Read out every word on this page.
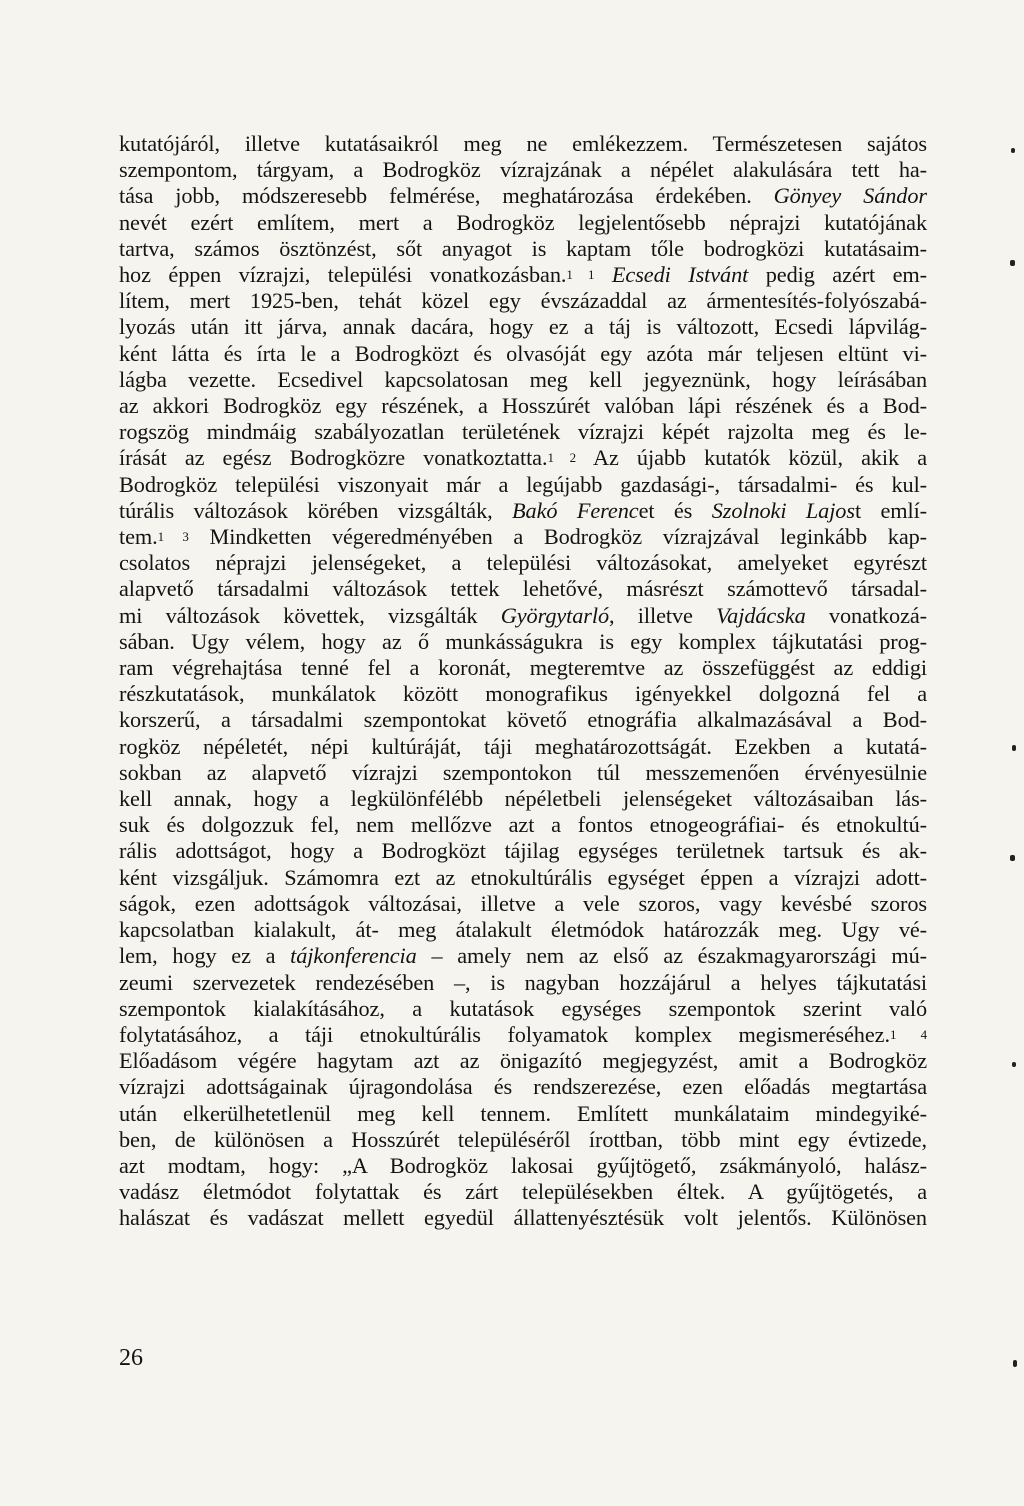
kutatójáról, illetve kutatásaikról meg ne emlékezzem. Természetesen sajátos
szempontom, tárgyam, a Bodrogköz vízrajzának a népélet alakulására tett ha-
tása jobb, módszeresebb felmérése, meghatározása érdekében. Gönyey Sándor
nevét ezért említem, mert a Bodrogköz legjelentősebb néprajzi kutatójának
tartva, számos ösztönzést, sőt anyagot is kaptam tőle bodrogközi kutatásaim-
hoz éppen vízrajzi, települési vonatkozásban.$^{1 1}$ Ecsedi Istvánt pedig azért em-
lítem, mert 1925-ben, tehát közel egy évszázaddal az ármentesítés-folyószabá-
lyozás után itt járva, annak dacára, hogy ez a táj is változott, Ecsedi lápvilág-
ként látta és írta le a Bodrogközt és olvasóját egy azóta már teljesen eltünt vi-
lágba vezette. Ecsedivel kapcsolatosan meg kell jegyeznünk, hogy leírásában
az akkori Bodrogköz egy részének, a Hosszúrét valóban lápi részének és a Bod-
rogszög mindmáig szabályozatlan területének vízrajzi képét rajzolta meg és le-
írását az egész Bodrogközre vonatkoztatta.$^{1 2}$ Az újabb kutatók közül, akik a
Bodrogköz települési viszonyait már a legújabb gazdasági-, társadalmi- és kul-
túrális változások körében vizsgálták, Bakó Ferencet és Szolnoki Lajost emlí-
tem.$^{1 3}$ Mindketten végeredményében a Bodrogköz vízrajzával leginkább kap-
csolatos néprajzi jelenségeket, a települési változásokat, amelyeket egyrészt
alapvető társadalmi változások tettek lehetővé, másrészt számottevő társadal-
mi változások követtek, vizsgálták Györgytarló, illetve Vajdácska vonatkozá-
sában. Ugy vélem, hogy az ő munkásságukra is egy komplex tájkutatási prog-
ram végrehajtása tenné fel a koronát, megteremtve az összefüggést az eddigi
részkutatások, munkálatok között monografikus igényekkel dolgozná fel a
korszerű, a társadalmi szempontokat követő etnográfia alkalmazásával a Bod-
rogköz népéletét, népi kultúráját, táji meghatározottságát. Ezekben a kutatá-
sokban az alapvető vízrajzi szempontokon túl messzemenően érvényesülnie
kell annak, hogy a legkülönfélébb népéletbeli jelenségeket változásaiban lás-
suk és dolgozzuk fel, nem mellőzve azt a fontos etnogeográfiai- és etnokultú-
rális adottságot, hogy a Bodrogközt tájilag egységes területnek tartsuk és ak-
ként vizsgáljuk. Számomra ezt az etnokultúrális egységet éppen a vízrajzi adott-
ságok, ezen adottságok változásai, illetve a vele szoros, vagy kevésbé szoros
kapcsolatban kialakult, át- meg átalakult életmódok határozzák meg. Ugy vé-
lem, hogy ez a tájkonferencia – amely nem az első az északmagyarországi mú-
zeumi szervezetek rendezésében –, is nagyban hozzájárul a helyes tájkutatási
szempontok kialakításához, a kutatások egységes szempontok szerint való
folytatásához, a táji etnokultúrális folyamatok komplex megismeréséhez.$^{1 4}$
Előadásom végére hagytam azt az önigazító megjegyzést, amit a Bodrogköz
vízrajzi adottságainak újragondolása és rendszerezése, ezen előadás megtartása
után elkerülhetetlenül meg kell tennem. Említett munkálataim mindegyiké-
ben, de különösen a Hosszúrét településéről írottban, több mint egy évtizede,
azt modtam, hogy: „A Bodrogköz lakosai gyűjtögető, zsákmányoló, halász-
vadász életmódot folytattak és zárt településekben éltek. A gyűjtögetés, a
halászat és vadászat mellett egyedül állattenyésztésük volt jelentős. Különösen
26
